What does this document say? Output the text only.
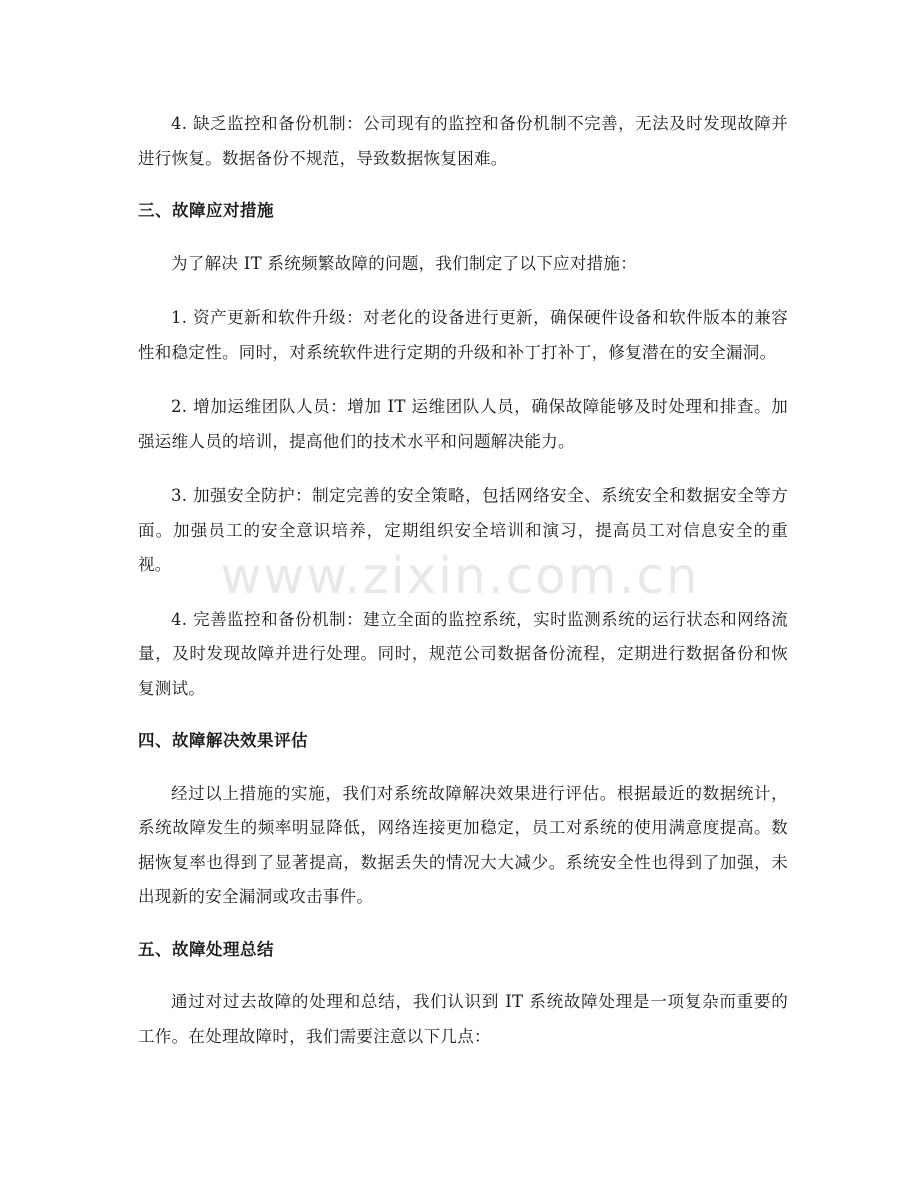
4. 缺乏监控和备份机制：公司现有的监控和备份机制不完善，无法及时发现故障并进行恢复。数据备份不规范，导致数据恢复困难。

三、故障应对措施

为了解决 IT 系统频繁故障的问题，我们制定了以下应对措施：

1. 资产更新和软件升级：对老化的设备进行更新，确保硬件设备和软件版本的兼容性和稳定性。同时，对系统软件进行定期的升级和补丁打补丁，修复潜在的安全漏洞。

2. 增加运维团队人员：增加 IT 运维团队人员，确保故障能够及时处理和排查。加强运维人员的培训，提高他们的技术水平和问题解决能力。

3. 加强安全防护：制定完善的安全策略，包括网络安全、系统安全和数据安全等方面。加强员工的安全意识培养，定期组织安全培训和演习，提高员工对信息安全的重视。

4. 完善监控和备份机制：建立全面的监控系统，实时监测系统的运行状态和网络流量，及时发现故障并进行处理。同时，规范公司数据备份流程，定期进行数据备份和恢复测试。

四、故障解决效果评估

经过以上措施的实施，我们对系统故障解决效果进行评估。根据最近的数据统计，系统故障发生的频率明显降低，网络连接更加稳定，员工对系统的使用满意度提高。数据恢复率也得到了显著提高，数据丢失的情况大大减少。系统安全性也得到了加强，未出现新的安全漏洞或攻击事件。

五、故障处理总结

通过对过去故障的处理和总结，我们认识到 IT 系统故障处理是一项复杂而重要的工作。在处理故障时，我们需要注意以下几点：

www.zixin.com.cn
